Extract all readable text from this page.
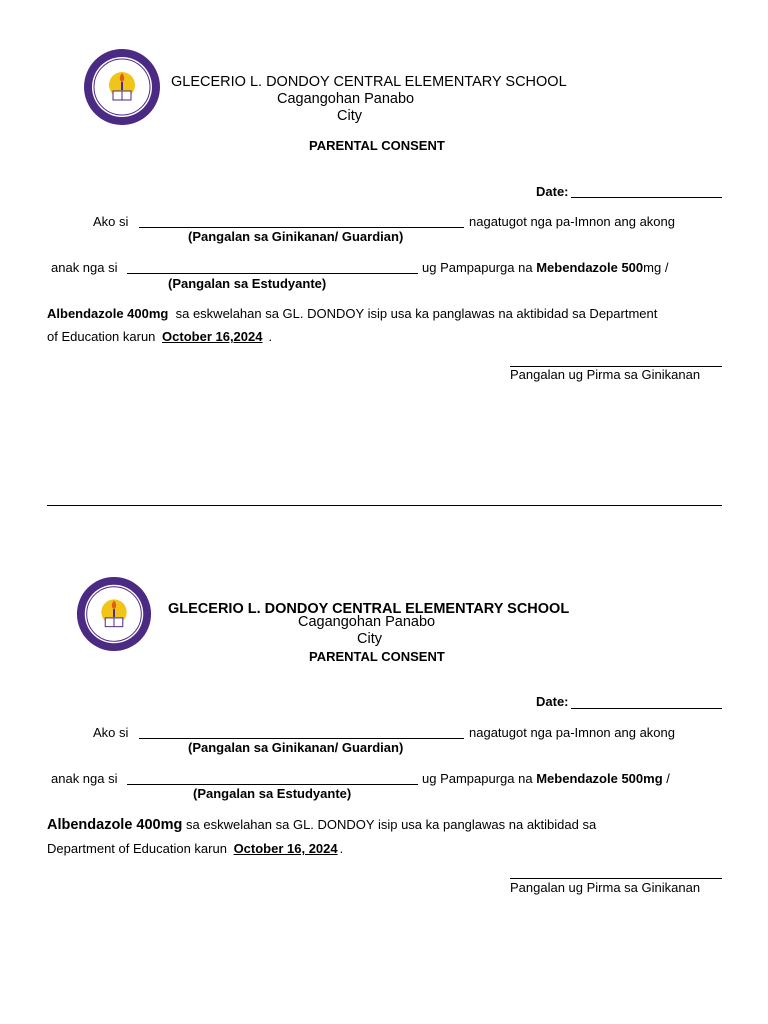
GLECERIO L. DONDOY CENTRAL ELEMENTARY SCHOOL
Cagangohan Panabo
City
PARENTAL CONSENT
Date:
Ako si	nagatugot nga pa-Imnon ang akong
(Pangalan sa Ginikanan/ Guardian)
anak nga si	ug Pampapurga na Mebendazole 500mg /
(Pangalan sa Estudyante)
Albendazole 400mg sa eskwelahan sa GL. DONDOY isip usa ka panglawas na aktibidad sa Department
of Education karun October 16,2024 .
Pangalan ug Pirma sa Ginikanan
GLECERIO L. DONDOY CENTRAL ELEMENTARY SCHOOL
Cagangohan Panabo
City
PARENTAL CONSENT
Date:
Ako si	nagatugot nga pa-Imnon ang akong
(Pangalan sa Ginikanan/ Guardian)
anak nga si	ug Pampapurga na Mebendazole 500mg /
(Pangalan sa Estudyante)
Albendazole 400mg sa eskwelahan sa GL. DONDOY isip usa ka panglawas na aktibidad sa
Department of Education karun October 16, 2024 .
Pangalan ug Pirma sa Ginikanan
